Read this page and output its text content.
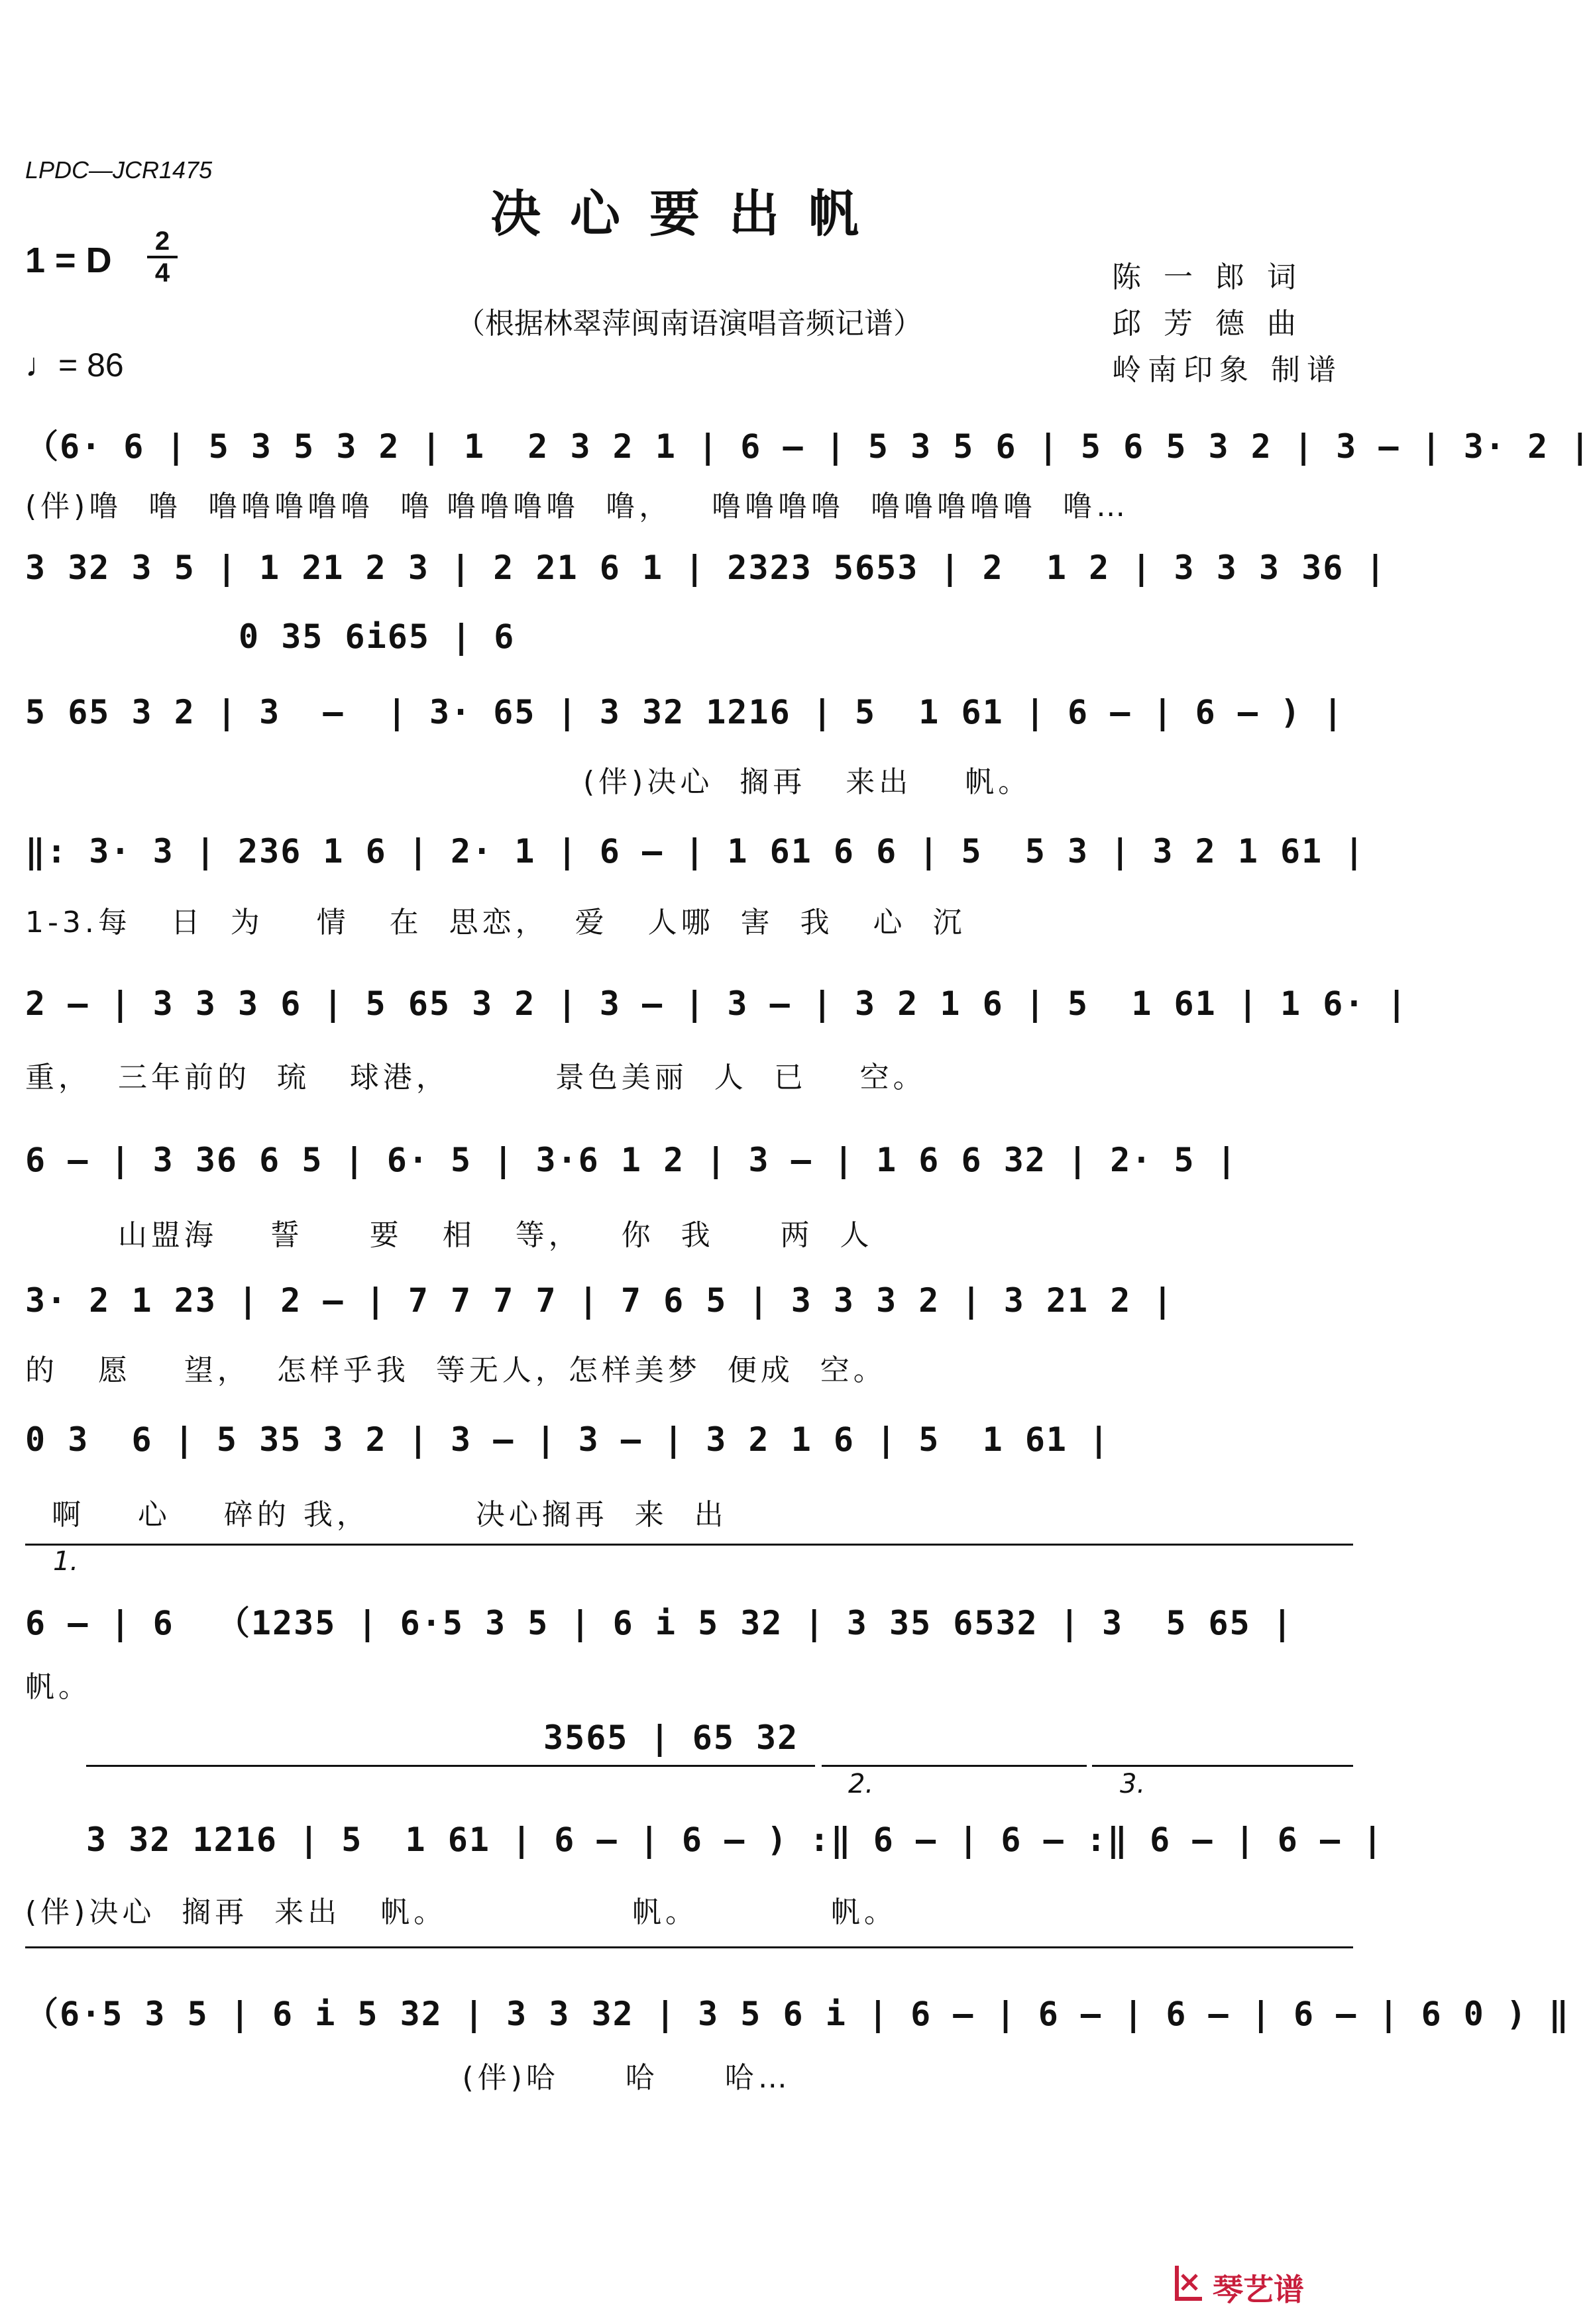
LPDC—JCR1475
决心要出帆
1 = D $\frac{2}{4}$
（根据林翠萍闽南语演唱音频记谱）
♩= 86
陈 一 郎 词
邱 芳 德 曲
岭南印象 制谱
（6· 6 | 5 3 5 3 2 | 1  2 3 2 1 | 6 – | 5 3 5 6 | 5 6 5 3 2 | 3 – | 3· 2 |
(伴)噜  噜  噜噜噜噜噜  噜 噜噜噜噜  噜，   噜噜噜噜  噜噜噜噜噜  噜…
3 32 3 5 | 1 21 2 3 | 2 21 6 1 | 2323 5653 | 2  1 2 | 3 3 3 36 |
0 35 6i65 | 6
5 65 3 2 | 3  –  | 3· 65 | 3 32 1216 | 5  1 61 | 6 – | 6 – ) |
(伴)决心  搁再   来出    帆。
‖: 3· 3 | 236 1 6 | 2· 1 | 6 – | 1 61 6 6 | 5  5 3 | 3 2 1 61 |
1-3.每   日  为    情   在  思恋，  爱   人哪  害  我   心  沉
2 – | 3 3 3 6 | 5 65 3 2 | 3 – | 3 – | 3 2 1 6 | 5  1 61 | 1 6· |
重，  三年前的  琉   球港，        景色美丽  人  已    空。
6 – | 3 36 6 5 | 6· 5 | 3·6 1 2 | 3 – | 1 6 6 32 | 2· 5 |
山盟海    誓     要   相   等，   你  我     两  人
3· 2 1 23 | 2 – | 7 7 7 7 | 7 6 5 | 3 3 3 2 | 3 21 2 |
的   愿    望，  怎样乎我  等无人，怎样美梦  便成  空。
0 3  6 | 5 35 3 2 | 3 – | 3 – | 3 2 1 6 | 5  1 61 |
啊    心    碎的 我，        决心搁再  来  出
1.
6 – | 6  （1235 | 6·5 3 5 | 6 i 5 32 | 3 35 6532 | 3  5 65 |
帆。
3565 | 65 32
2.	3.
3 32 1216 | 5  1 61 | 6 – | 6 – ) :‖ 6 – | 6 – :‖ 6 – | 6 – |
(伴)决心  搁再  来出   帆。              帆。          帆。
（6·5 3 5 | 6 i 5 32 | 3 3 32 | 3 5 6 i | 6 – | 6 – | 6 – | 6 – | 6 0 ) ‖
(伴)哈     哈     哈…
琴艺谱
